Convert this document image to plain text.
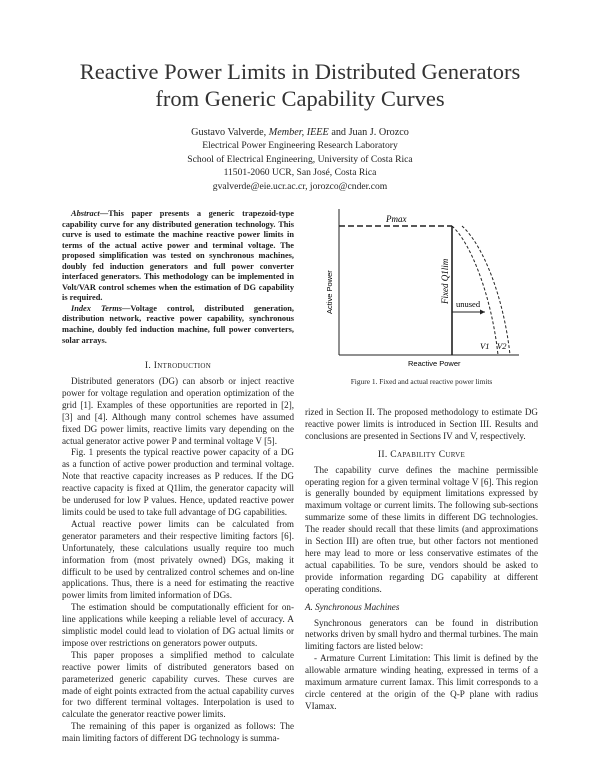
Reactive Power Limits in Distributed Generators
from Generic Capability Curves
Gustavo Valverde, Member, IEEE and Juan J. Orozco
Electrical Power Engineering Research Laboratory
School of Electrical Engineering, University of Costa Rica
11501-2060 UCR, San José, Costa Rica
gvalverde@eie.ucr.ac.cr, jorozco@cnder.com

Abstract—This paper presents a generic trapezoid-type capability curve for any distributed generation technology. This curve is used to estimate the machine reactive power limits in terms of the actual active power and terminal voltage. The proposed simplification was tested on synchronous machines, doubly fed induction generators and full power converter interfaced generators. This methodology can be implemented in Volt/VAR control schemes when the estimation of DG capability is required.

Index Terms—Voltage control, distributed generation, distribution network, reactive power capability, synchronous machine, doubly fed induction machine, full power converters, solar arrays.

I. Introduction

Distributed generators (DG) can absorb or inject reactive power for voltage regulation and operation optimization of the grid [1]. Examples of these opportunities are reported in [2], [3] and [4]. Although many control schemes have assumed fixed DG power limits, reactive limits vary depending on the actual generator active power P and terminal voltage V [5].

Fig. 1 presents the typical reactive power capacity of a DG as a function of active power production and terminal voltage. Note that reactive capacity increases as P reduces. If the DG reactive capacity is fixed at Q1lim, the generator capacity will be underused for low P values. Hence, updated reactive power limits could be used to take full advantage of DG capabilities.

Actual reactive power limits can be calculated from generator parameters and their respective limiting factors [6]. Unfortunately, these calculations usually require too much information from (most privately owned) DGs, making it difficult to be used by centralized control schemes and on-line applications. Thus, there is a need for estimating the reactive power limits from limited information of DGs.

The estimation should be computationally efficient for on-line applications while keeping a reliable level of accuracy. A simplistic model could lead to violation of DG actual limits or impose over restrictions on generators power outputs.

This paper proposes a simplified method to calculate reactive power limits of distributed generators based on parameterized generic capability curves. These curves are made of eight points extracted from the actual capability curves for two different terminal voltages. Interpolation is used to calculate the generator reactive power limits.

The remaining of this paper is organized as follows: The main limiting factors of different DG technology is summa-

Pmax
Fixed Q1lim unused
V1 V2
Active Power
Reactive Power
Figure 1. Fixed and actual reactive power limits

rized in Section II. The proposed methodology to estimate DG reactive power limits is introduced in Section III. Results and conclusions are presented in Sections IV and V, respectively.

II. Capability Curve

The capability curve defines the machine permissible operating region for a given terminal voltage V [6]. This region is generally bounded by equipment limitations expressed by maximum voltage or current limits. The following sub-sections summarize some of these limits in different DG technologies. The reader should recall that these limits (and approximations in Section III) are often true, but other factors not mentioned here may lead to more or less conservative estimates of the actual capabilities. To be sure, vendors should be asked to provide information regarding DG capability at different operating conditions.

A. Synchronous Machines

Synchronous generators can be found in distribution networks driven by small hydro and thermal turbines. The main limiting factors are listed below:

- Armature Current Limitation: This limit is defined by the allowable armature winding heating, expressed in terms of a maximum armature current Iamax. This limit corresponds to a circle centered at the origin of the Q-P plane with radius VIamax.
